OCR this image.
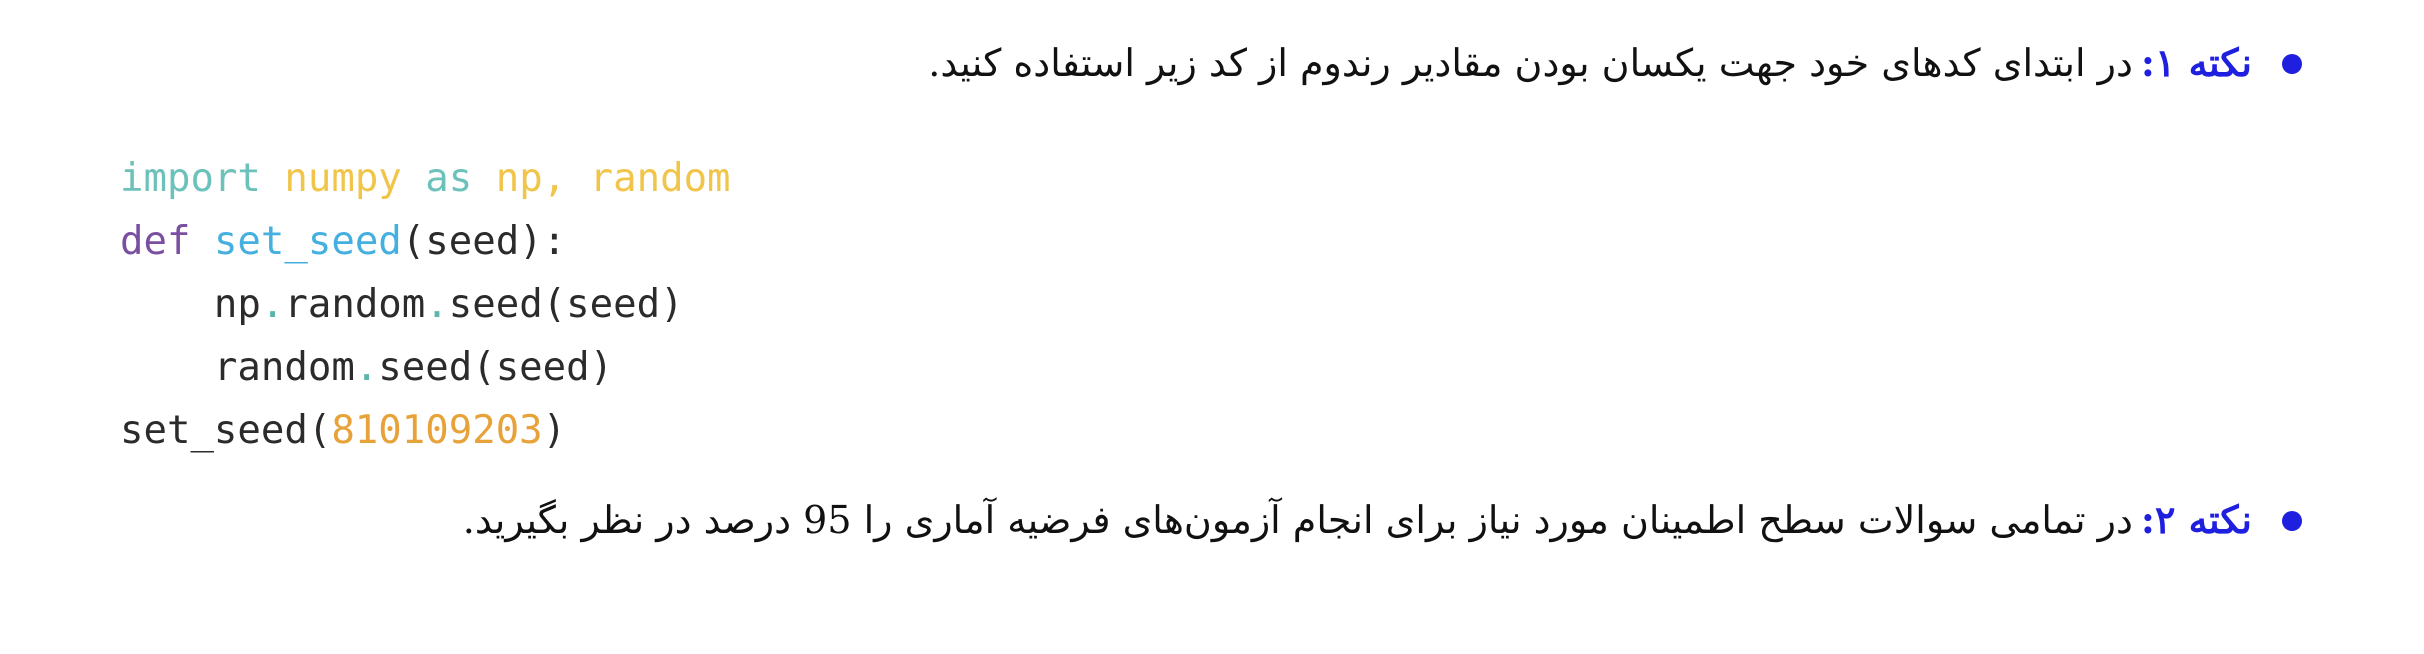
نکته ۱:در ابتدای کدهای خود جهت یکسان بودن مقادیر رندوم از کد زیر استفاده کنید.
import numpy as np, random
def set_seed(seed):
np.random.seed(seed)
random.seed(seed)
set_seed(810109203)
نکته ۲:در تمامی سوالات سطح اطمینان مورد نیاز برای انجام آزمون‌های فرضیه آماری را 95 درصد در نظر بگیرید.
